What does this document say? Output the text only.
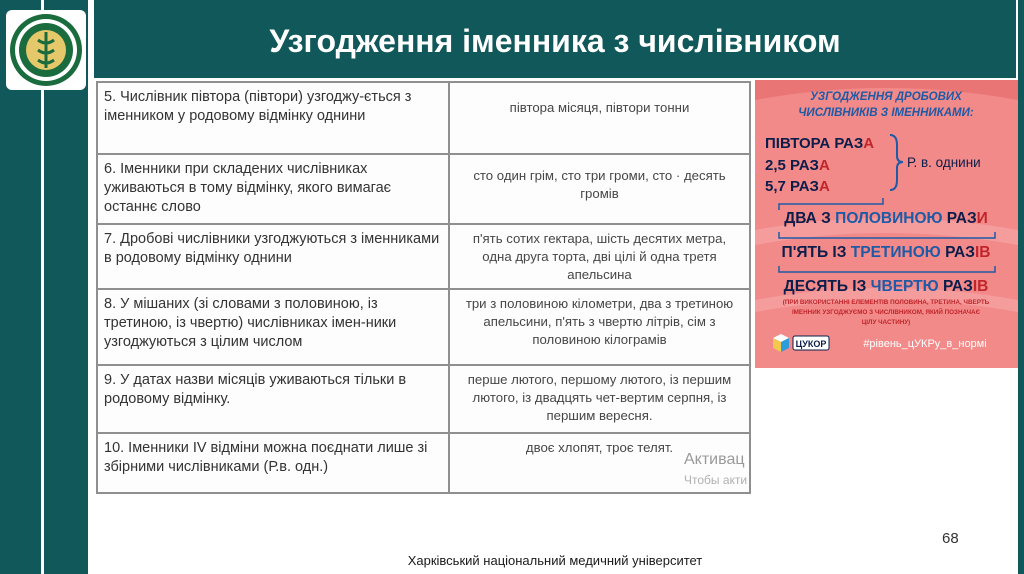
Узгодження іменника з числівником
5. Числівник півтора (півтори) узгоджу-ється з іменником у родовому відмінку однини	півтора місяця, півтори тонни
6. Іменники при складених числівниках уживаються в тому відмінку, якого вимагає останнє слово	сто один грім, сто три громи, сто · десять громів
7. Дробові числівники узгоджуються з іменниками в родовому відмінку однини	п'ять сотих гектара, шість десятих метра, одна друга торта, дві цілі й одна третя апельсина
8. У мішаних (зі словами з половиною, із третиною, із чвертю) числівниках імен-ники узгоджуються з цілим числом	три з половиною кілометри, два з третиною апельсини, п'ять з чвертю літрів, сім з половиною кілограмів
9. У датах назви місяців уживаються тільки в родовому відмінку.	перше лютого, першому лютого, із першим лютого, із двадцять чет-вертим серпня, із першим вересня.
10. Іменники IV відміни можна поєднати лише зі збірними числівниками (Р.в. одн.)	двоє хлопят, троє телят.
Активац
Чтобы акти
УЗГОДЖЕННЯ ДРОБОВИХ
ЧИСЛІВНИКІВ З ІМЕННИКАМИ:
ПІВТОРА РАЗА
2,5 РАЗА
5,7 РАЗА
Р. в. однини
ДВА З ПОЛОВИНОЮ РАЗИ
П'ЯТЬ ІЗ ТРЕТИНОЮ РАЗІВ
ДЕСЯТЬ ІЗ ЧВЕРТЮ РАЗІВ
(ПРИ ВИКОРИСТАННІ ЕЛЕМЕНТІВ ПОЛОВИНА, ТРЕТИНА, ЧВЕРТЬ
ІМЕННИК УЗГОДЖУЄМО З ЧИСЛІВНИКОМ, ЯКИЙ ПОЗНАЧАЄ
ЦІЛУ ЧАСТИНУ)
ЦУКОР	#рівень_цУКРу_в_нормі
68
Харківський національний медичний університет
